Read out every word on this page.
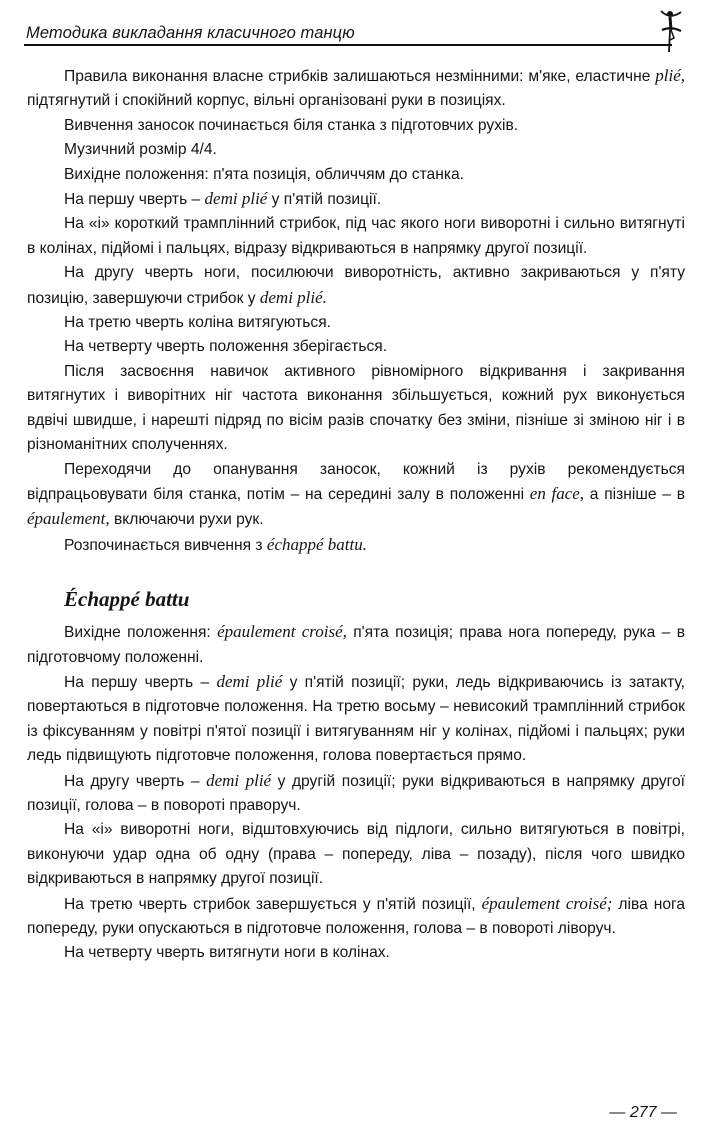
Методика викладання класичного танцю

Правила виконання власне стрибків залишаються незмінними: м'яке, еластичне plié, підтягнутий і спокійний корпус, вільні організовані руки в позиціях.

Вивчення заносок починається біля станка з підготовчих рухів.

Музичний розмір 4/4.

Вихідне положення: п'ята позиція, обличчям до станка.

На першу чверть – demi plié у п'ятій позиції.

На «і» короткий трамплінний стрибок, під час якого ноги виворотні і сильно витягнуті в колінах, підйомі і пальцях, відразу відкриваються в напрямку другої позиції.

На другу чверть ноги, посилюючи виворотність, активно закриваються у п'яту позицію, завершуючи стрибок у demi plié.

На третю чверть коліна витягуються.

На четверту чверть положення зберігається.

Після засвоєння навичок активного рівномірного відкривання і закривання витягнутих і виворітних ніг частота виконання збільшується, кожний рух виконується вдвічі швидше, і нарешті підряд по вісім разів спочатку без зміни, пізніше зі зміною ніг і в різноманітних сполученнях.

Переходячи до опанування заносок, кожний із рухів рекомендується відпрацьовувати біля станка, потім – на середині залу в положенні en face, а пізніше – в épaulement, включаючи рухи рук.

Розпочинається вивчення з échappé battu.

Échappé battu

Вихідне положення: épaulement croisé, п'ята позиція; права нога попереду, рука – в підготовчому положенні.

На першу чверть – demi plié у п'ятій позиції; руки, ледь відкриваючись із затакту, повертаються в підготовче положення. На третю восьму – невисокий трамплінний стрибок із фіксуванням у повітрі п'ятої позиції і витягуванням ніг у колінах, підйомі і пальцях; руки ледь підвищують підготовче положення, голова повертається прямо.

На другу чверть – demi plié у другій позиції; руки відкриваються в напрямку другої позиції, голова – в повороті праворуч.

На «і» виворотні ноги, відштовхуючись від підлоги, сильно витягуються в повітрі, виконуючи удар одна об одну (права – попереду, ліва – позаду), після чого швидко відкриваються в напрямку другої позиції.

На третю чверть стрибок завершується у п'ятій позиції, épaulement croisé; ліва нога попереду, руки опускаються в підготовче положення, голова – в повороті ліворуч.

На четверту чверть витягнути ноги в колінах.

— 277 —
